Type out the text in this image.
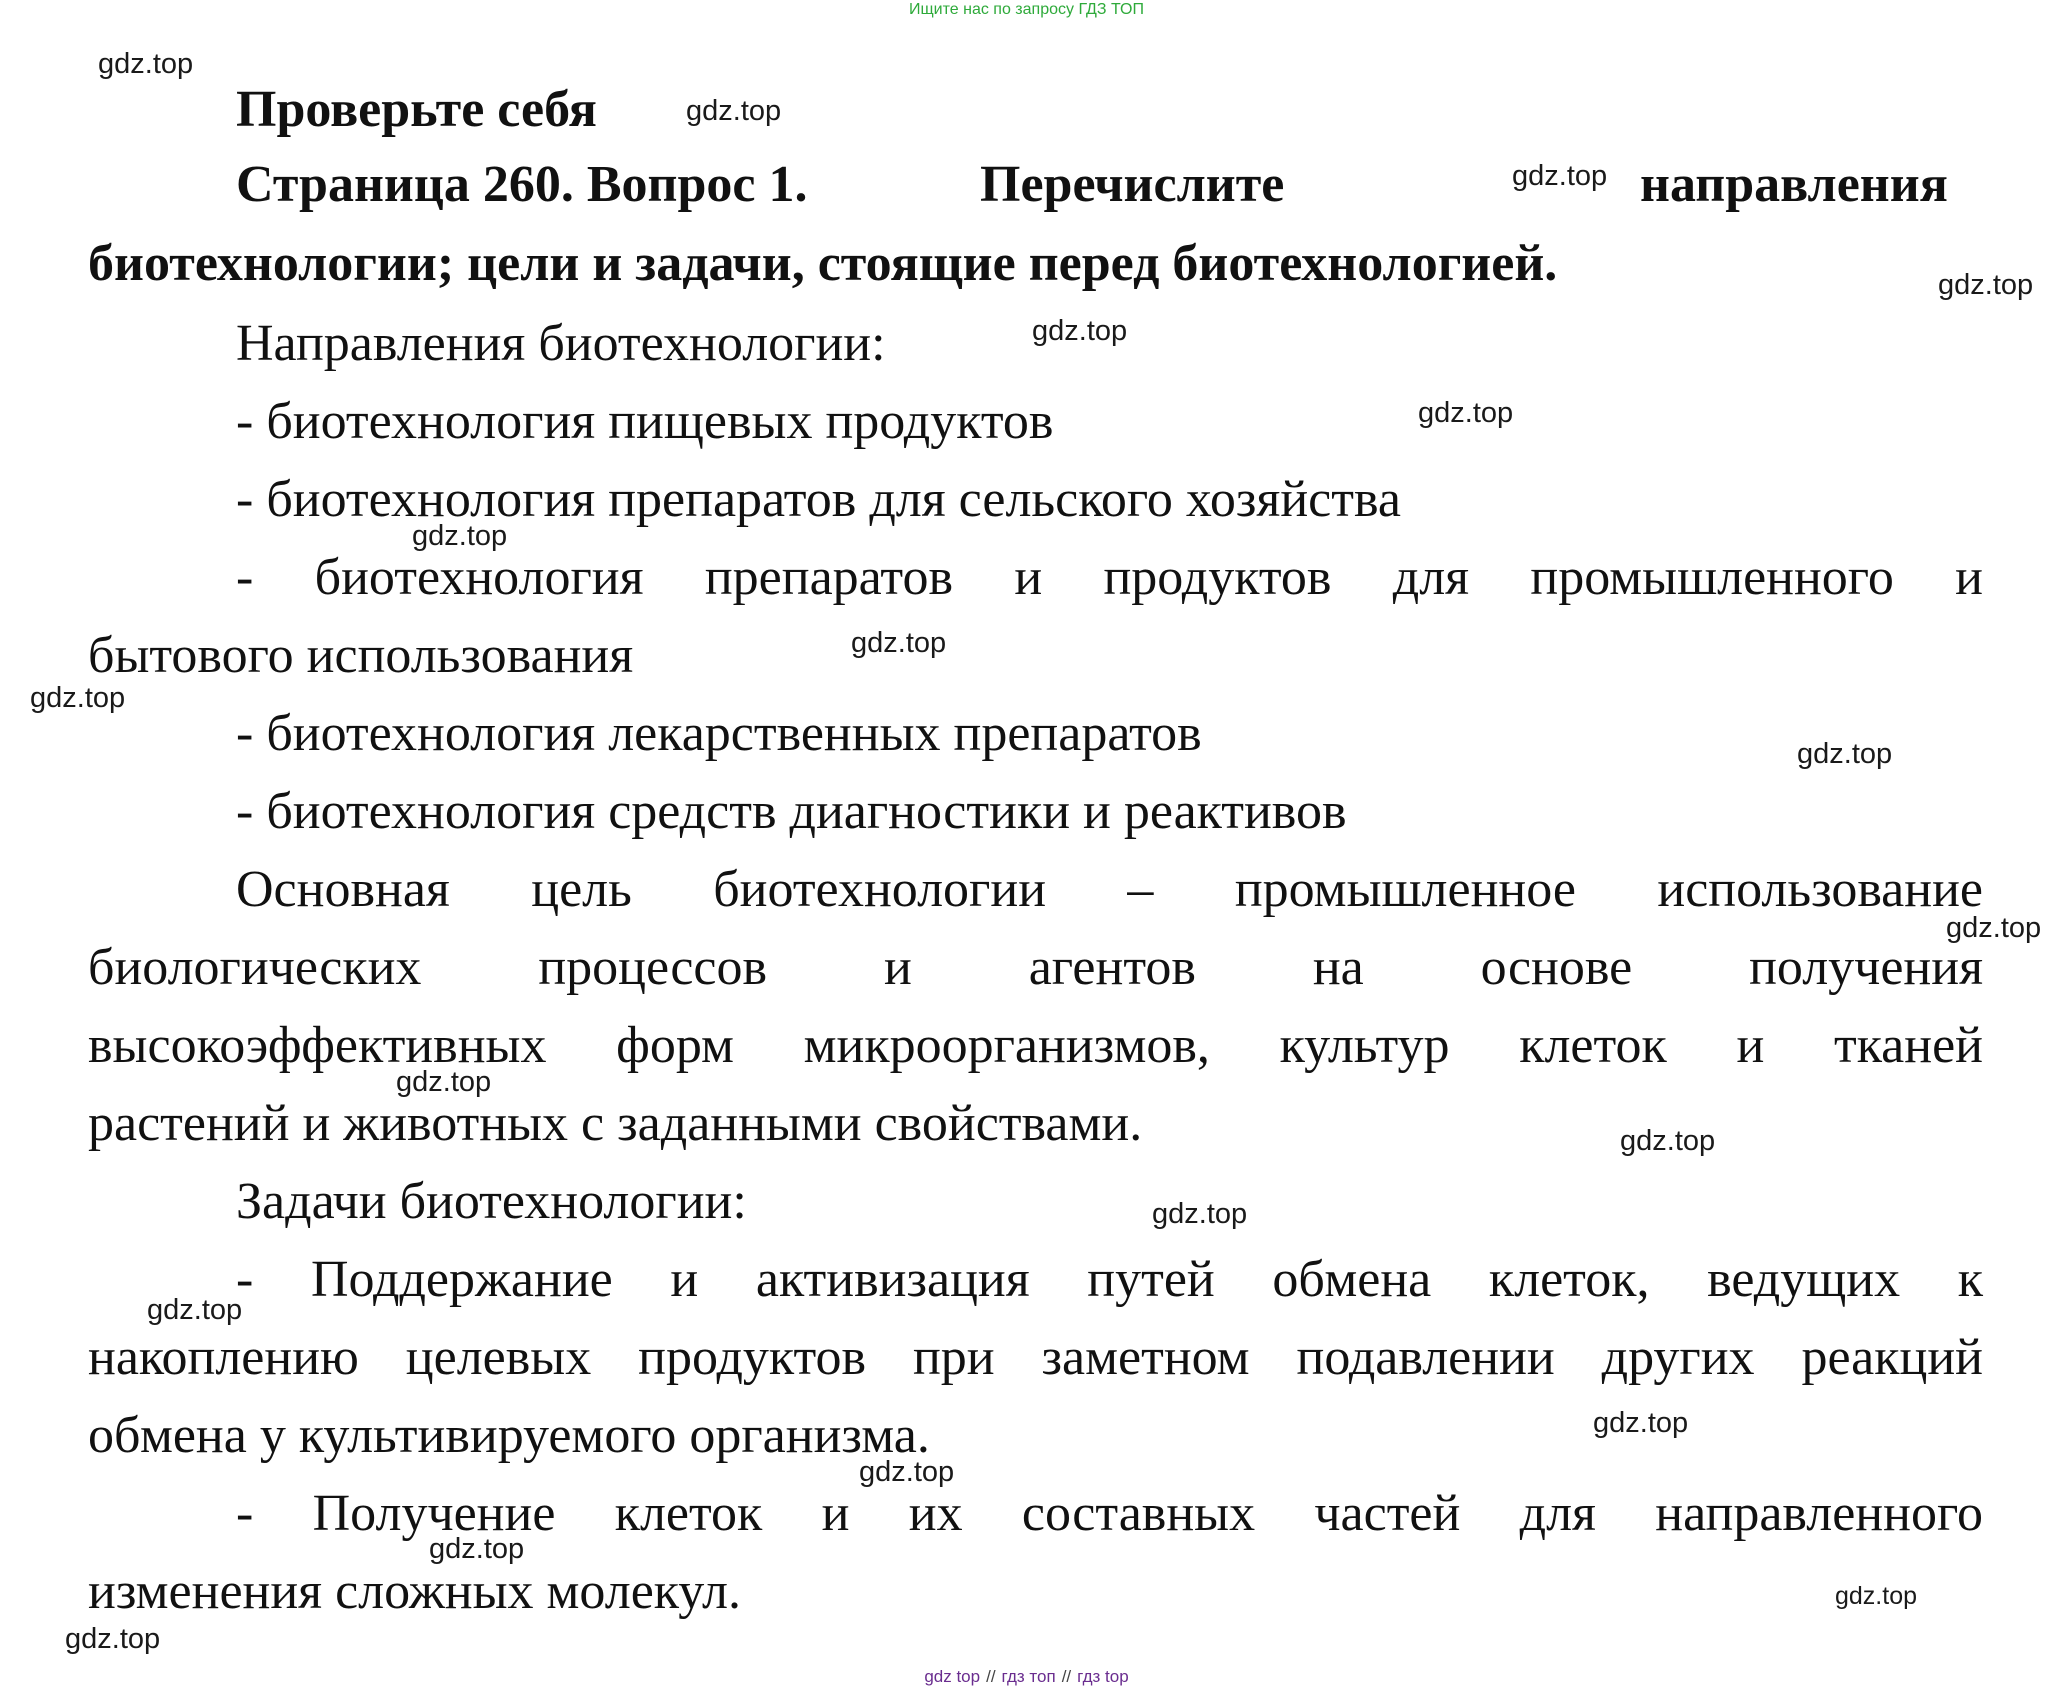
Ищите нас по запросу ГДЗ ТОП
Проверьте себя
Страница 260. Вопрос 1.	Перечислите	направления
биотехнологии; цели и задачи, стоящие перед биотехнологией.
Направления биотехнологии:
- биотехнология пищевых продуктов
- биотехнология препаратов для сельского хозяйства
- биотехнология препаратов и продуктов для промышленного и
бытового использования
- биотехнология лекарственных препаратов
- биотехнология средств диагностики и реактивов
Основная цель биотехнологии – промышленное использование
биологических процессов и агентов на основе получения
высокоэффективных форм микроорганизмов, культур клеток и тканей
растений и животных с заданными свойствами.
Задачи биотехнологии:
- Поддержание и активизация путей обмена клеток, ведущих к
накоплению целевых продуктов при заметном подавлении других реакций
обмена у культивируемого организма.
- Получение клеток и их составных частей для направленного
изменения сложных молекул.
gdz.top
gdz.top
gdz.top
gdz.top
gdz.top
gdz.top
gdz.top
gdz.top
gdz.top
gdz.top
gdz.top
gdz.top
gdz.top
gdz.top
gdz.top
gdz.top
gdz.top
gdz.top
gdz.top
gdz.top
gdz top // гдз топ // гдз top
